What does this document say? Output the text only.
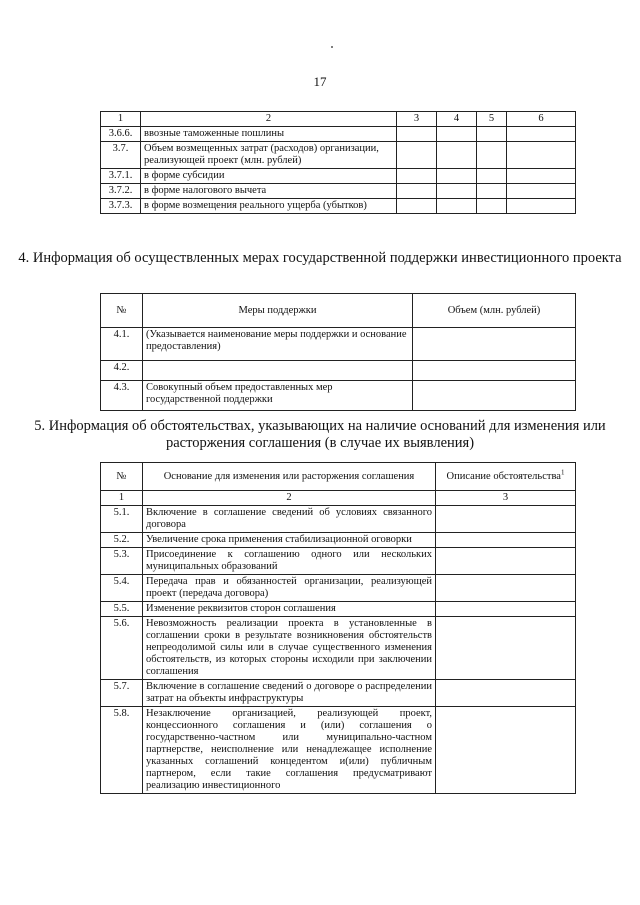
17
1	2	3	4	5	6
3.6.6.	ввозные таможенные пошлины				
3.7.	Объем возмещенных затрат (расходов) организации, реализующей проект (млн. рублей)				
3.7.1.	в форме субсидии				
3.7.2.	в форме налогового вычета				
3.7.3.	в форме возмещения реального ущерба (убытков)				
4. Информация об осуществленных мерах государственной поддержки инвестиционного проекта
№	Меры поддержки	Объем (млн. рублей)
4.1.	(Указывается наименование меры поддержки и основание предоставления)	
4.2.		
4.3.	Совокупный объем предоставленных мер государственной поддержки	
5. Информация об обстоятельствах, указывающих на наличие оснований для изменения или расторжения соглашения (в случае их выявления)
№	Основание для изменения или расторжения соглашения	Описание обстоятельства$^1$
1	2	3
5.1.	Включение в соглашение сведений об условиях связанного договора	
5.2.	Увеличение срока применения стабилизационной оговорки	
5.3.	Присоединение к соглашению одного или нескольких муниципальных образований	
5.4.	Передача прав и обязанностей организации, реализующей проект (передача договора)	
5.5.	Изменение реквизитов сторон соглашения	
5.6.	Невозможность реализации проекта в установленные в соглашении сроки в результате возникновения обстоятельств непреодолимой силы или в случае существенного изменения обстоятельств, из которых стороны исходили при заключении соглашения	
5.7.	Включение в соглашение сведений о договоре о распределении затрат на объекты инфраструктуры	
5.8.	Незаключение организацией, реализующей проект, концессионного соглашения и (или) соглашения о государственно-частном или муниципально-частном партнерстве, неисполнение или ненадлежащее исполнение указанных соглашений концедентом и(или) публичным партнером, если такие соглашения предусматривают реализацию инвестиционного	
